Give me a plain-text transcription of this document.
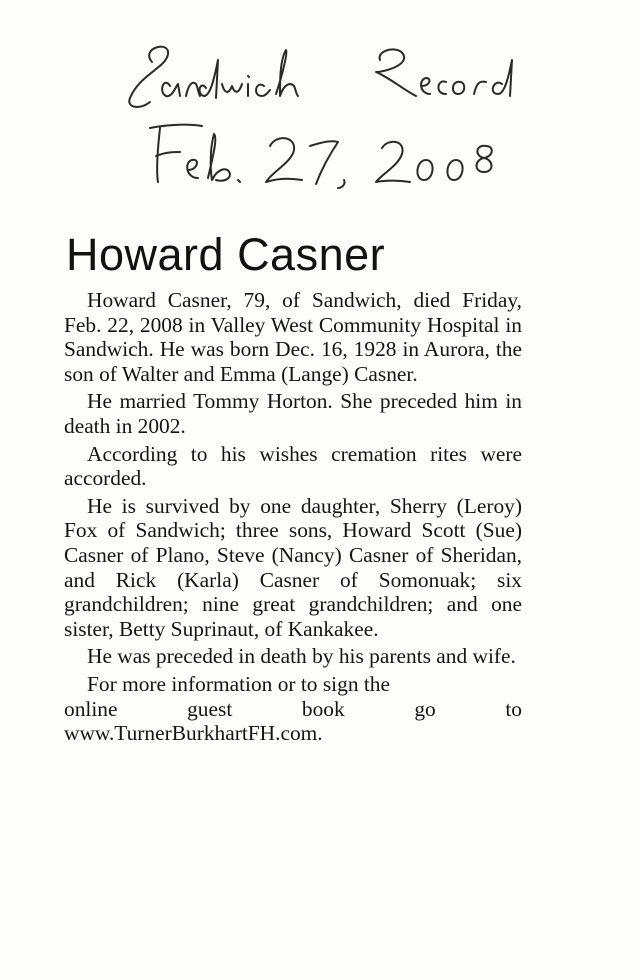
Howard Casner

Howard Casner, 79, of Sandwich, died Friday, Feb. 22, 2008 in Valley West Community Hospital in Sandwich. He was born Dec. 16, 1928 in Aurora, the son of Walter and Emma (Lange) Casner.

He married Tommy Horton. She preceded him in death in 2002.

According to his wishes cremation rites were accorded.

He is survived by one daughter, Sherry (Leroy) Fox of Sandwich; three sons, Howard Scott (Sue) Casner of Plano, Steve (Nancy) Casner of Sheridan, and Rick (Karla) Casner of Somonuak; six grandchildren; nine great grandchildren; and one sister, Betty Suprinaut, of Kankakee.

He was preceded in death by his parents and wife.

For more information or to sign the
online guest book go to
www.TurnerBurkhartFH.com.
